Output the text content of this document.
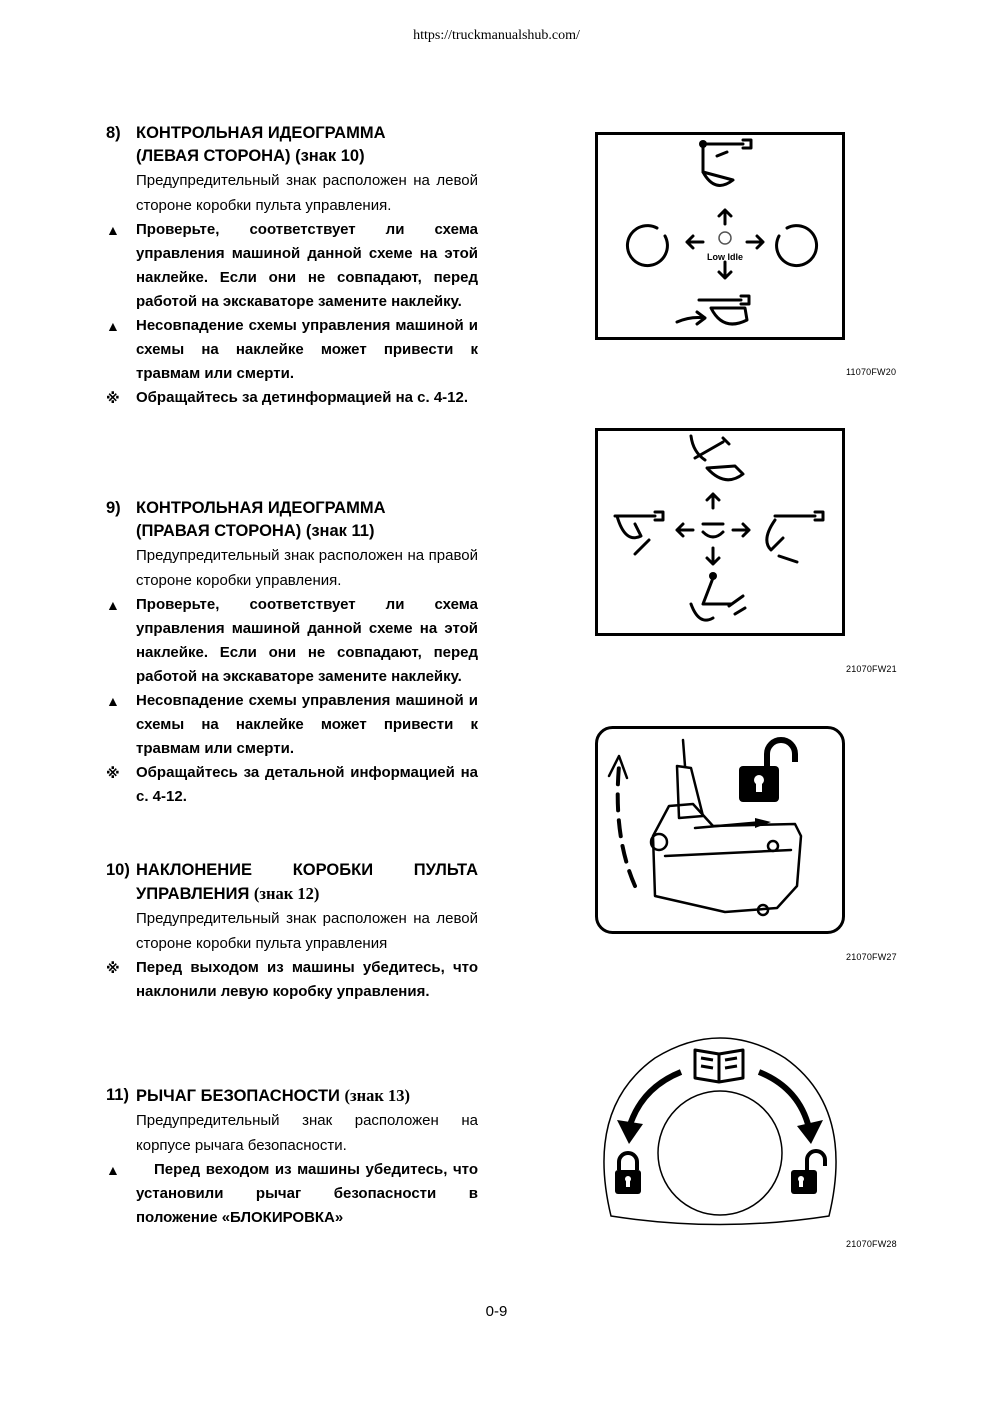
https://truckmanualshub.com/
8) КОНТРОЛЬНАЯ ИДЕОГРАММА
(ЛЕВАЯ СТОРОНА) (знак 10)
Предупредительный знак расположен на левой стороне коробки пульта управления.
▲ Проверьте, соответствует ли схема управления машиной данной схеме на этой наклейке. Если они не совпадают, перед работой на экскаваторе замените наклейку.
▲ Несовпадение схемы управления машиной и схемы на наклейке может привести к травмам или смерти.
※ Обращайтесь за детинформацией на с. 4-12.
9) КОНТРОЛЬНАЯ ИДЕОГРАММА
(ПРАВАЯ СТОРОНА) (знак 11)
Предупредительный знак расположен на правой стороне коробки управления.
▲ Проверьте, соответствует ли схема управления машиной данной схеме на этой наклейке. Если они не совпадают, перед работой на экскаваторе замените наклейку.
▲ Несовпадение схемы управления машиной и схемы на наклейке может привести к травмам или смерти.
※ Обращайтесь за детальной информацией на с. 4-12.
10) НАКЛОНЕНИЕ КОРОБКИ ПУЛЬТА
УПРАВЛЕНИЯ (знак 12)
Предупредительный знак расположен на левой стороне коробки пульта управления
※ Перед выходом из машины убедитесь, что наклонили левую коробку управления.
11) РЫЧАГ БЕЗОПАСНОСТИ (знак 13)
Предупредительный знак расположен на корпусе рычага безопасности.
▲ Перед веходом из машины убедитесь, что установили рычаг безопасности в положение «БЛОКИРОВКА»
Low Idle
11070FW20
21070FW21
21070FW27
21070FW28
0-9
